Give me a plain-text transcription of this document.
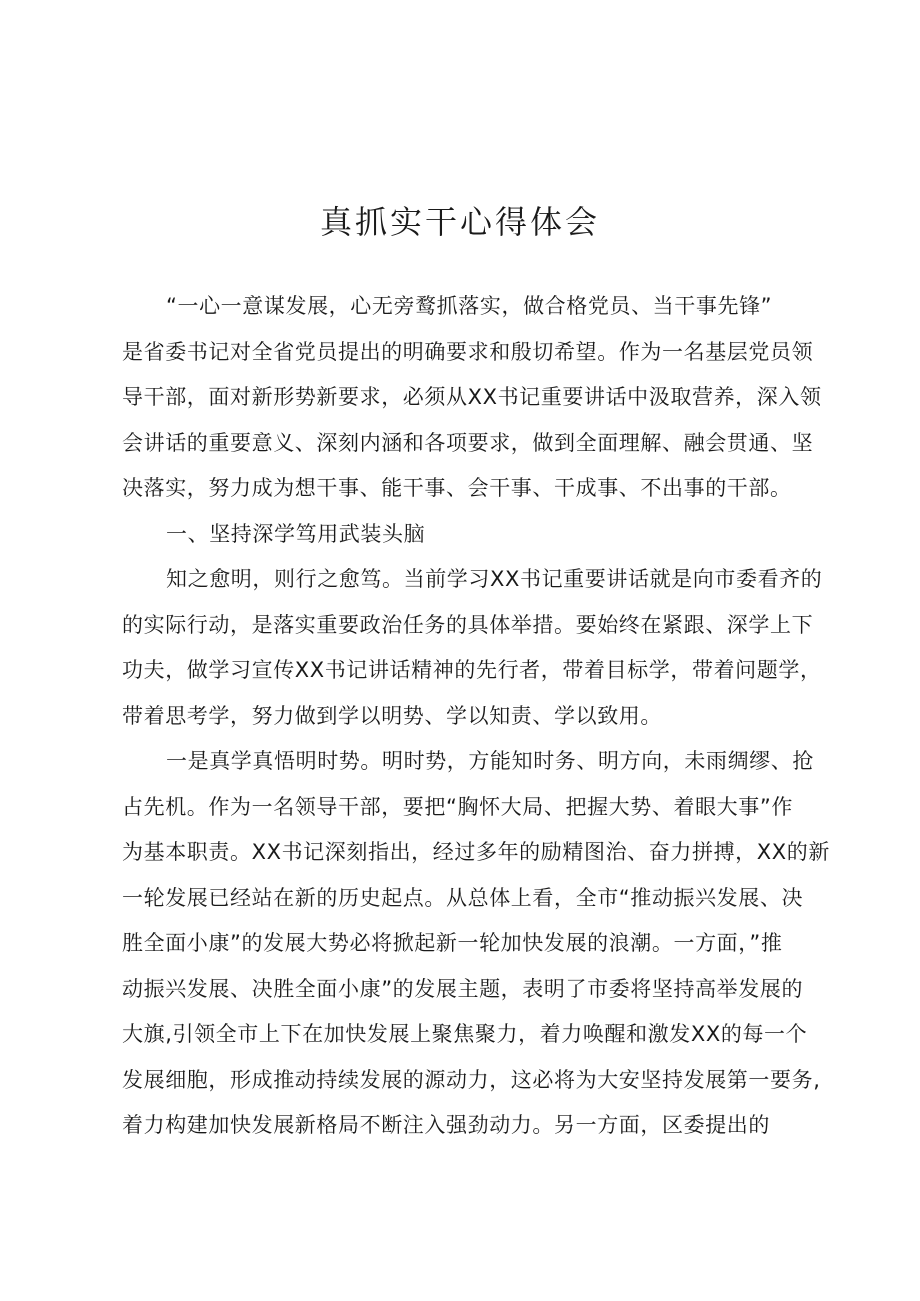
真抓实干心得体会
“一心一意谋发展，心无旁鹜抓落实，做合格党员、当干事先锋”
是省委书记对全省党员提出的明确要求和殷切希望。作为一名基层党员领
导干部，面对新形势新要求，必须从XX书记重要讲话中汲取营养，深入领
会讲话的重要意义、深刻内涵和各项要求，做到全面理解、融会贯通、坚
决落实，努力成为想干事、能干事、会干事、干成事、不出事的干部。
一、坚持深学笃用武装头脑
知之愈明，则行之愈笃。当前学习XX书记重要讲话就是向市委看齐的
的实际行动，是落实重要政治任务的具体举措。要始终在紧跟、深学上下
功夫，做学习宣传XX书记讲话精神的先行者，带着目标学，带着问题学，
带着思考学，努力做到学以明势、学以知责、学以致用。
一是真学真悟明时势。明时势，方能知时务、明方向，未雨绸缪、抢
占先机。作为一名领导干部，要把“胸怀大局、把握大势、着眼大事”作
为基本职责。XX书记深刻指出，经过多年的励精图治、奋力拼搏，XX的新
一轮发展已经站在新的历史起点。从总体上看，全市“推动振兴发展、决
胜全面小康”的发展大势必将掀起新一轮加快发展的浪潮。一方面，”推
动振兴发展、决胜全面小康”的发展主题，表明了市委将坚持高举发展的
大旗,引领全市上下在加快发展上聚焦聚力，着力唤醒和激发XX的每一个
发展细胞，形成推动持续发展的源动力，这必将为大安坚持发展第一要务,
着力构建加快发展新格局不断注入强劲动力。另一方面，区委提出的
